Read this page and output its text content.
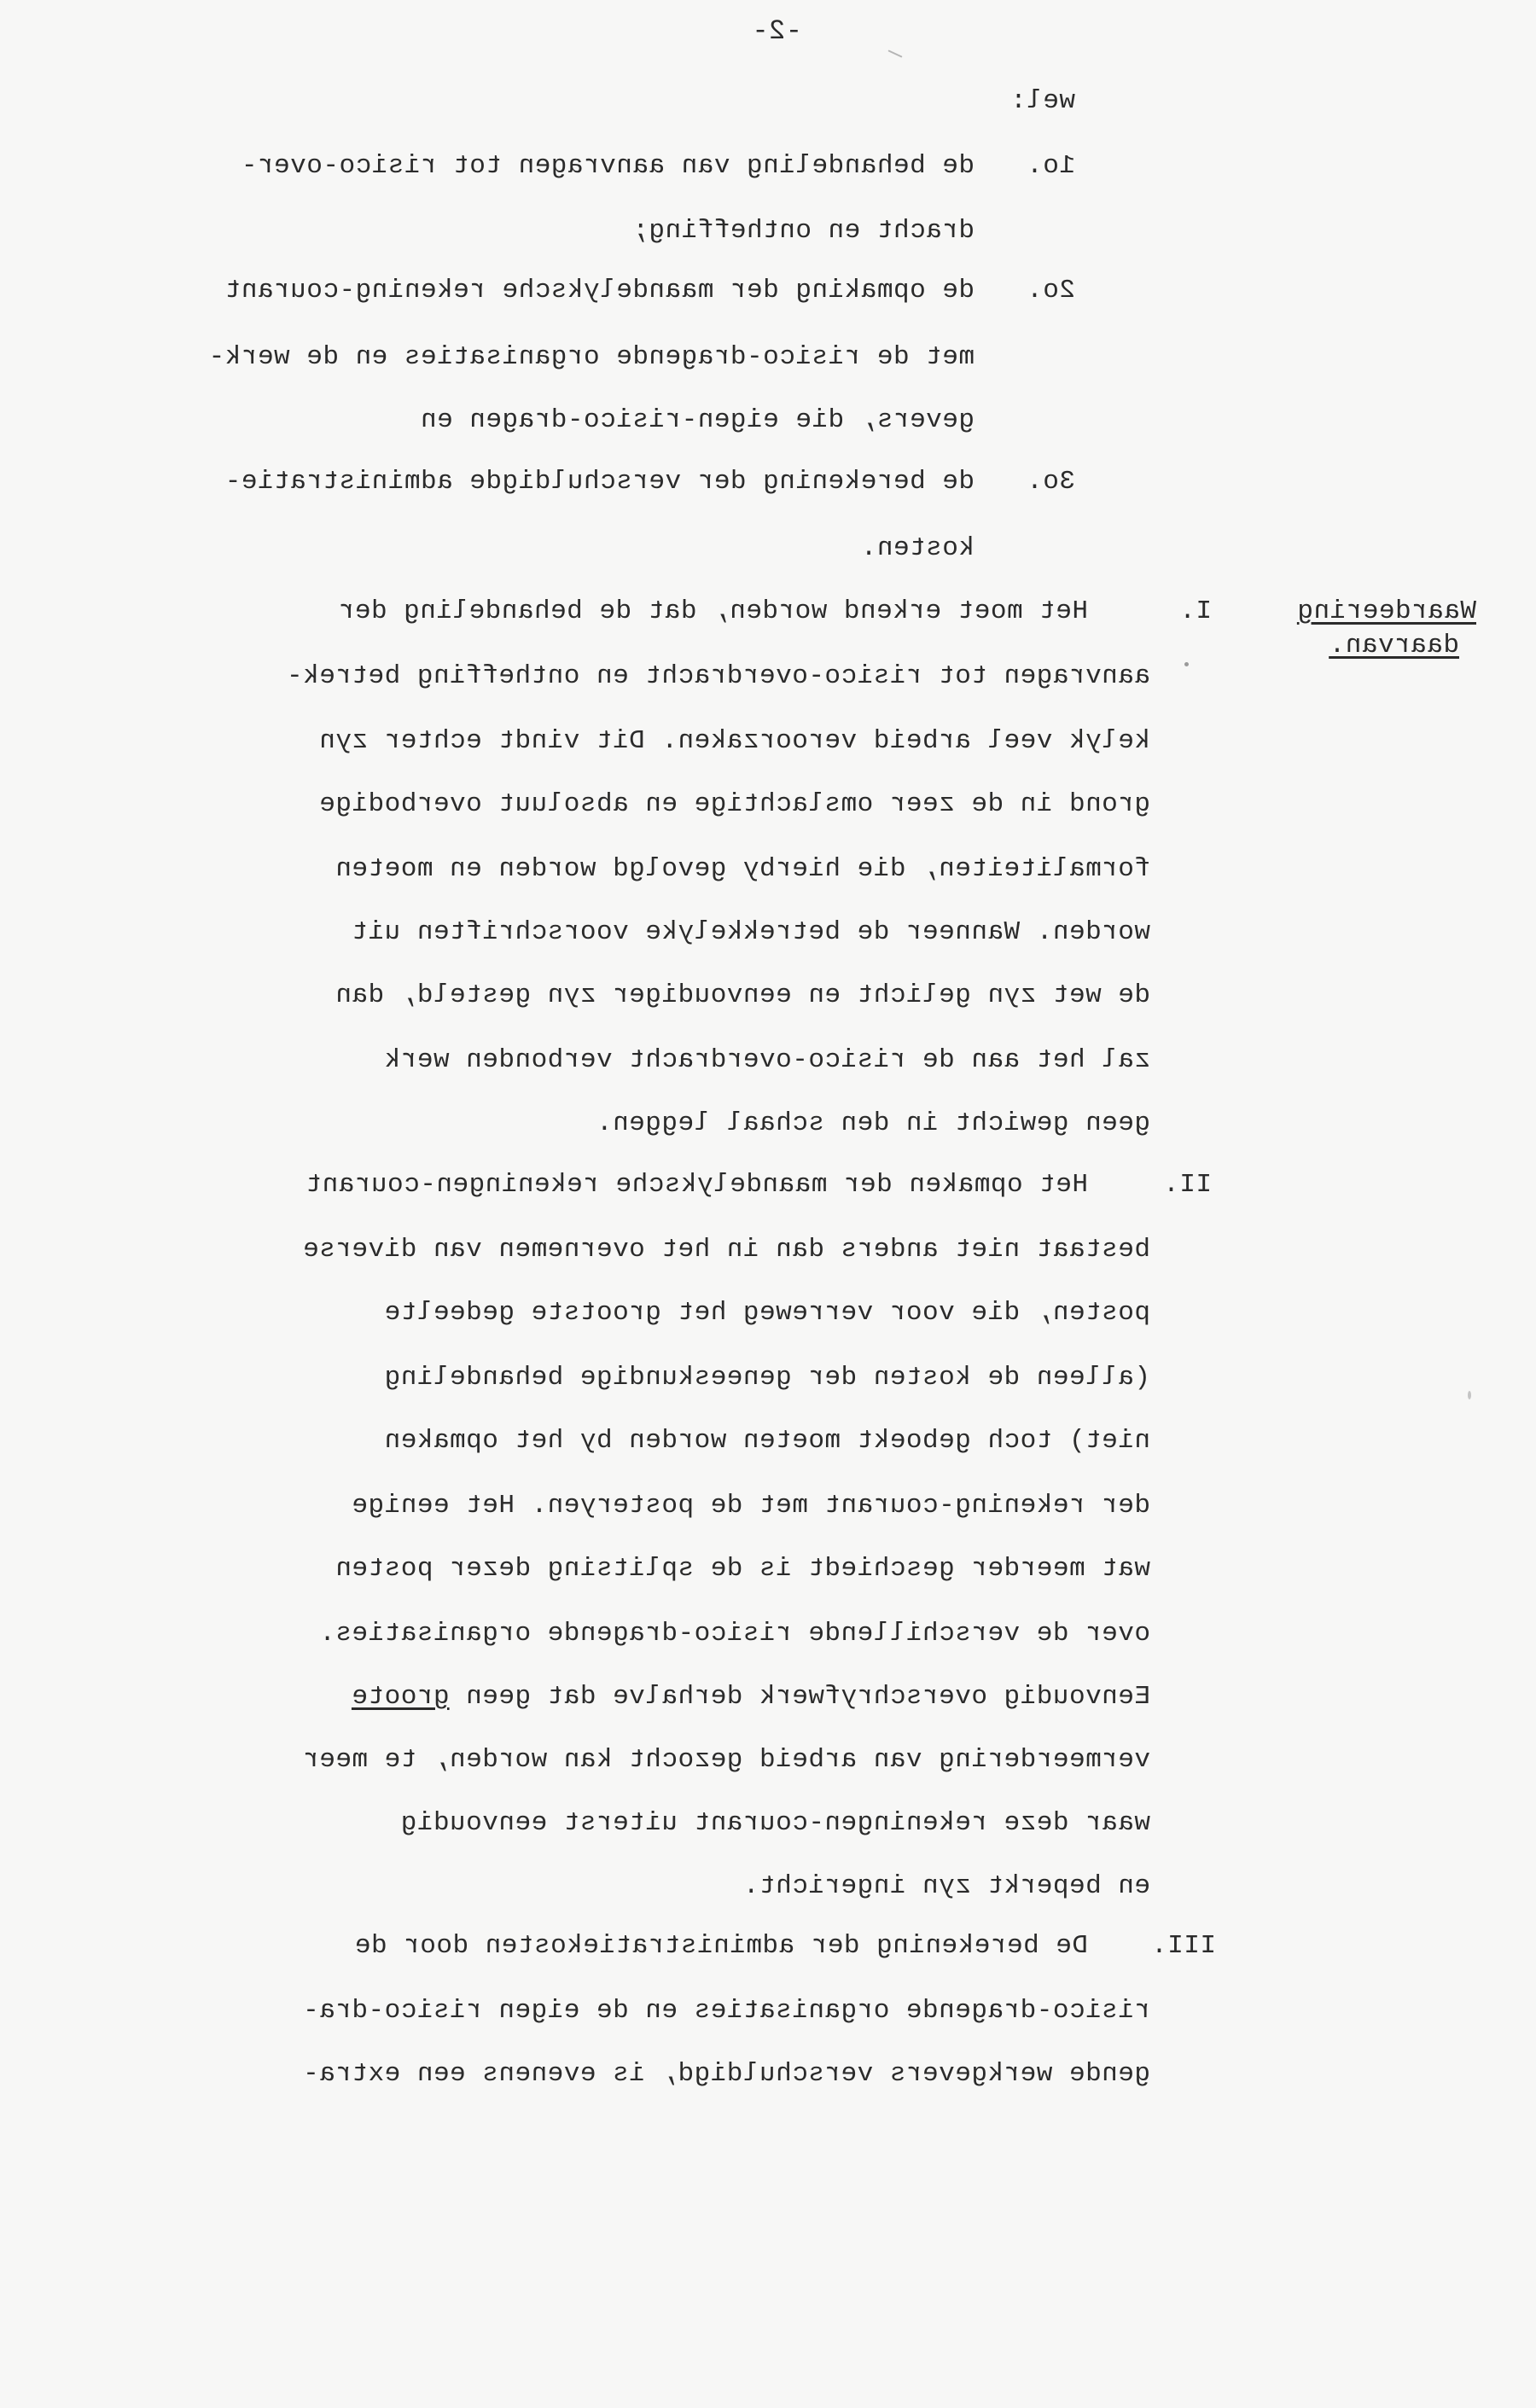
-2-
wel:
1o.
de behandeling van aanvragen tot risico-over-
dracht en ontheffing;
2o.
de opmaking der maandelyksche rekening-courant
met de risico-dragende organisaties en de werk-
gevers, die eigen-risico-dragen en
3o.
de berekening der verschuldigde administratie-
kosten.
Waardeering
daarvan.
I.
Het moet erkend worden, dat de behandeling der
aanvragen tot risico-overdracht en ontheffing betrek-
kelyk veel arbeid veroorzaken. Dit vindt echter zyn
grond in de zeer omslachtige en absoluut overbodige
formaliteiten, die hierby gevolgd worden en moeten
worden. Wanneer de betrekkelyke voorschriften uit
de wet zyn gelicht en eenvoudiger zyn gesteld, dan
zal het aan de risico-overdracht verbonden werk
geen gewicht in den schaal leggen.
II.
Het opmaken der maandelyksche rekeningen-courant
bestaat niet anders dan in het overnemen van diverse
posten, die voor verreweg het grootste gedeelte
(alleen de kosten der geneeskundige behandeling
niet) toch geboekt moeten worden by het opmaken
der rekening-courant met de posteryen. Het eenige
wat meerder geschiedt is de splitsing dezer posten
over de verschillende risico-dragende organisaties.
Eenvoudig overschryfwerk derhalve dat geen groote
vermeerdering van arbeid gezocht kan worden, te meer
waar deze rekeningen-courant uiterst eenvoudig
en beperkt zyn ingericht.
III.
De berekening der administratiekosten door de
risico-dragende organisaties en de eigen risico-dra-
gende werkgevers verschuldigd, is evenens een extra-
